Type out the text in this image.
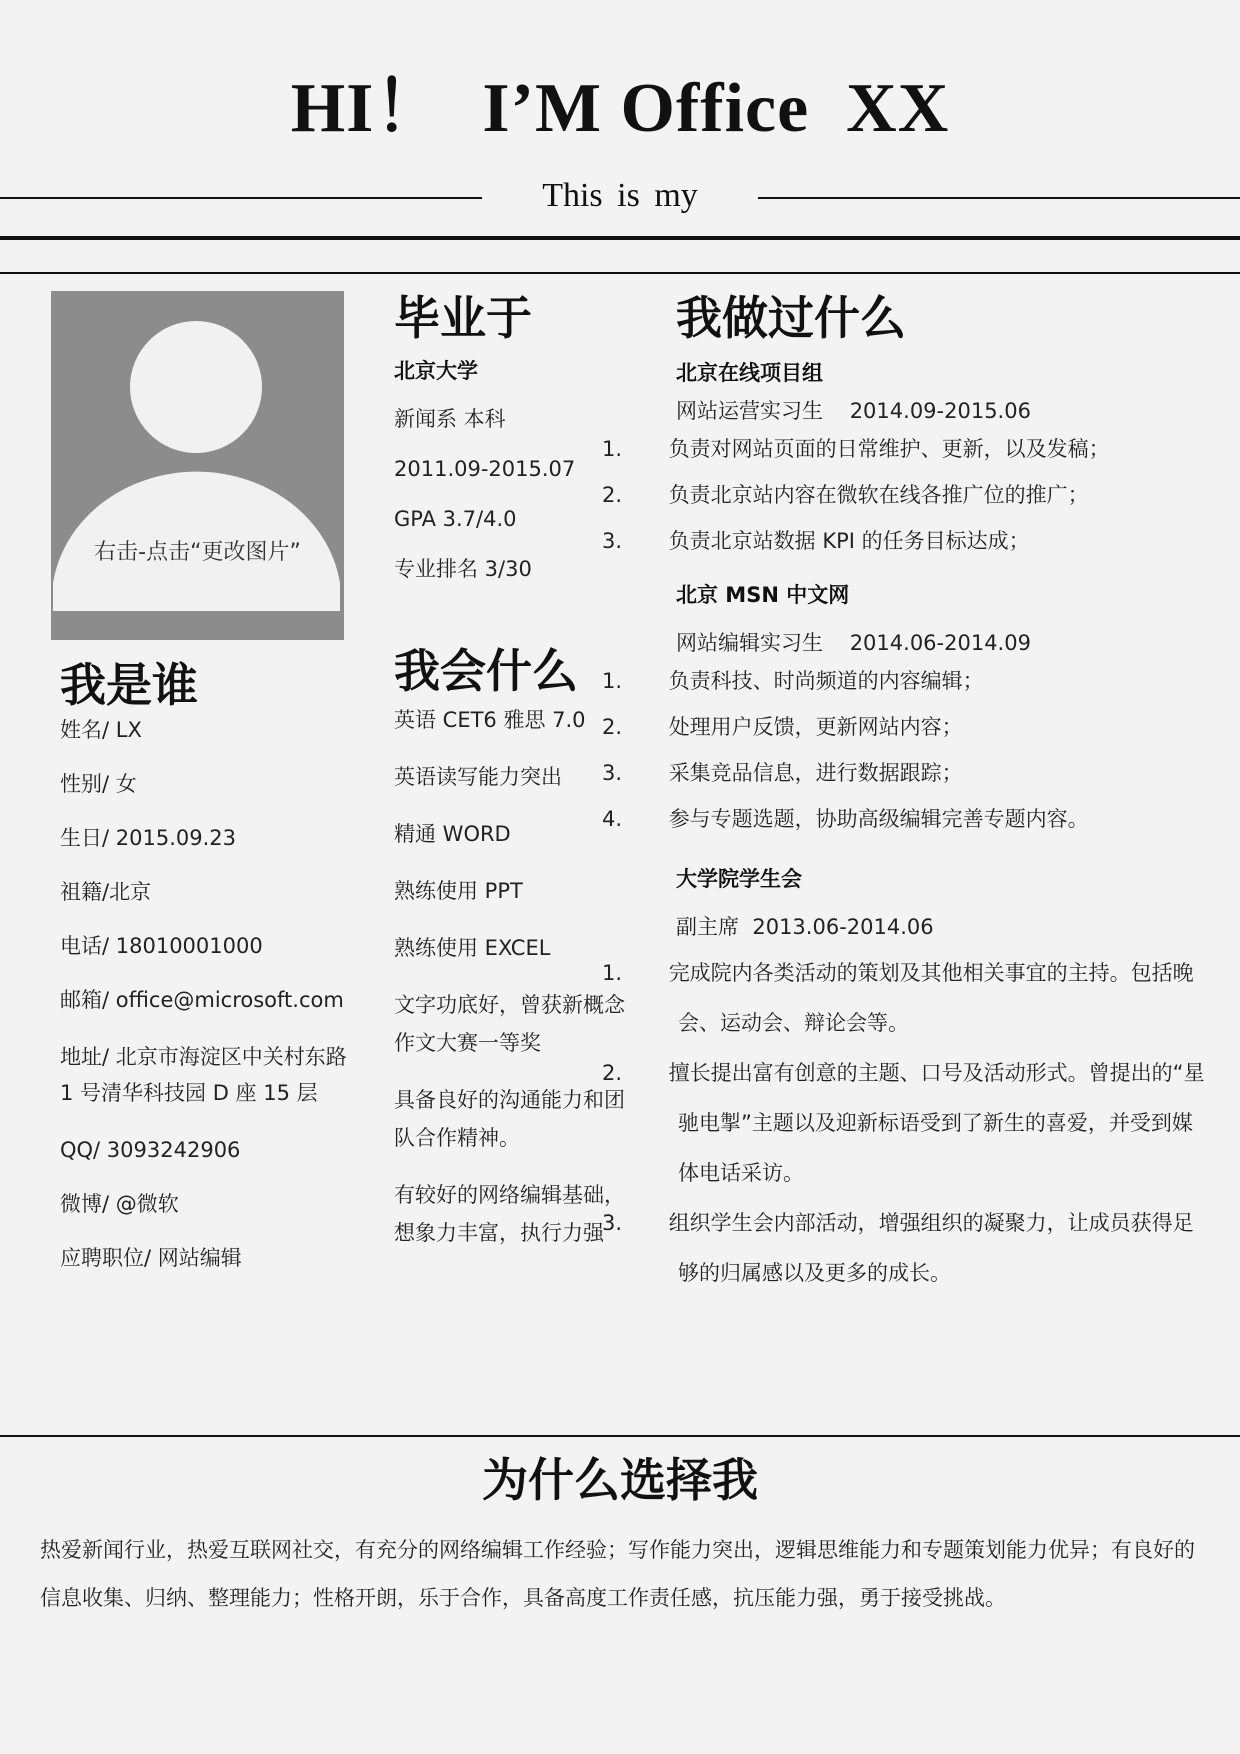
HI！  I’M Office  XX
This is my
右击-点击“更改图片”
我是谁

姓名/ LX

性别/ 女

生日/ 2015.09.23

祖籍/北京

电话/ 18010001000

邮箱/ office@microsoft.com

地址/ 北京市海淀区中关村东路 1 号清华科技园 D 座 15 层

QQ/ 3093242906

微博/ @微软

应聘职位/ 网站编辑

毕业于

北京大学

新闻系 本科
2011.09-2015.07
GPA 3.7/4.0
专业排名 3/30
我会什么
英语 CET6 雅思 7.0
英语读写能力突出
精通 WORD
熟练使用 PPT
熟练使用 EXCEL
文字功底好，曾获新概念作文大赛一等奖
具备良好的沟通能力和团队合作精神。
有较好的网络编辑基础，想象力丰富，执行力强
我做过什么

北京在线项目组

网站运营实习生    2014.09-2015.06

1. 负责对网站页面的日常维护、更新，以及发稿；
2. 负责北京站内容在微软在线各推广位的推广；
3. 负责北京站数据 KPI 的任务目标达成；

北京 MSN 中文网

网站编辑实习生    2014.06-2014.09

1. 负责科技、时尚频道的内容编辑；
2. 处理用户反馈，更新网站内容；
3. 采集竞品信息，进行数据跟踪；
4. 参与专题选题，协助高级编辑完善专题内容。

大学院学生会

副主席  2013.06-2014.06

1. 完成院内各类活动的策划及其他相关事宜的主持。包括晚会、运动会、辩论会等。
2. 擅长提出富有创意的主题、口号及活动形式。曾提出的“星驰电掣”主题以及迎新标语受到了新生的喜爱，并受到媒体电话采访。
3. 组织学生会内部活动，增强组织的凝聚力，让成员获得足够的归属感以及更多的成长。
为什么选择我
热爱新闻行业，热爱互联网社交，有充分的网络编辑工作经验；写作能力突出，逻辑思维能力和专题策划能力优异；有良好的信息收集、归纳、整理能力；性格开朗，乐于合作，具备高度工作责任感，抗压能力强，勇于接受挑战。
